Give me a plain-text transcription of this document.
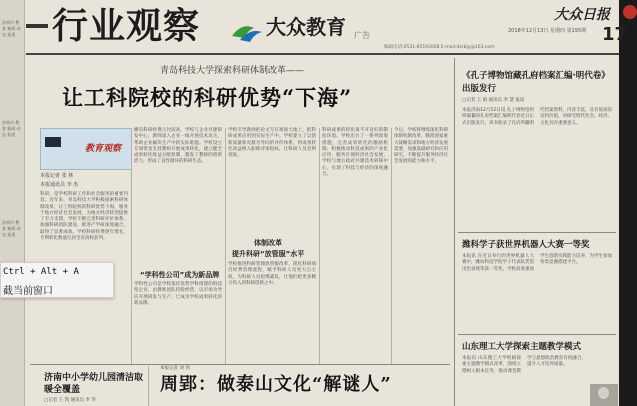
济南市 教育 新闻 动态 报道
济南市 教育 新闻 动态 报道
济南市 教育 新闻 动态 报道
行业观察	大众教育 广告
大众日报
2018年12月13日 星期四 第195期 17
编辑电话:0531-85193008 E-mail:dzrbjy@163.com
青岛科技大学探索科研体制改革——
让工科院校的科研优势“下海”
教育观察
本报记者 张 林
本报通讯员 李 杰
科研，是学校科研工作和社会服务的重要内容。近年来，青岛科技大学积极探索科研体制改革，让工科院校的科研优势下海，服务于地方经济社会发展，为地方经济转型提供了有力支撑。学校不断完善科研评价体系，加强科研团队建设，推进产学研深度融合，取得了显著成效。学校科研经费逐年增长，专利转化数量位居全省高校前列。
横向科研经费占比较高，学校与企业共建研发中心，教师深入企业一线开展技术攻关，帮助企业解决生产中的实际难题。学校设立专项资金支持教师开展成果转化，建立健全成果转化收益分配机制，激发了教师的创新活力，形成了良性循环的科研生态。
“学科性公司”成为新品牌
学科性公司是学校依托优势学科组建的科技型企业，由教师团队持股经营，以市场为导向开展研发与生产，已成为学校成果转化的新品牌。
学校引导教师把论文写在祖国大地上，把科研成果应用到实际生产中。学校建立了以创新质量和贡献为导向的评价体系，将成果转化效益纳入职称评审指标，让科研人员名利双收。
体制改革
提升科研“放管服”水平
学校推进科研管理放管服改革，简化科研项目经费管理流程，赋予科研人员更大自主权，为科研人员松绑减负，让他们把更多精力投入到科研创新之中。
科研成果的转化离不开良好的制度环境。学校出台了一系列政策措施，完善成果转化的激励机制，积极推动科技成果的产业化应用，服务区域经济社会发展。学校与地方政府共建技术转移中心，实现了科技与经济的深度融合。
今后，学校将继续深化科研体制机制改革，瞄准国家重大战略需求和地方经济发展需要，加强基础研究和应用研究，不断提升服务经济社会发展的能力和水平。
济南中小学幼儿园清洁取暖全覆盖
□记者 王 凯 通讯员 李 华
周郢：做泰山文化“解谜人”
本报记者 刘 伟
《孔子博物馆藏孔府档案汇编·明代卷》出版发行
□记者 王 娟 通讯员 李 慧 报道
本报济南12月12日讯 孔子博物馆组织编纂的孔府档案汇编明代卷近日正式出版发行。该书收录了孔府所藏明代档案资料，内容丰富，具有很高的史料价值，对研究明代社会、经济、文化具有重要意义。
潍科学子获世界机器人大赛一等奖
本报讯 在近日举行的世界机器人大赛中，潍坊科技学院学子代表队凭借出色表现荣获一等奖。学校高度重视学生创新实践能力培养，为学生参加各类竞赛搭建平台。
山东理工大学探索主题教学模式
本报讯 山东理工大学积极探索主题教学模式改革，围绕立德树人根本任务，推动课堂教学与思想政治教育有机融合，提升人才培养质量。
Ctrl + Alt + A
截当前窗口
